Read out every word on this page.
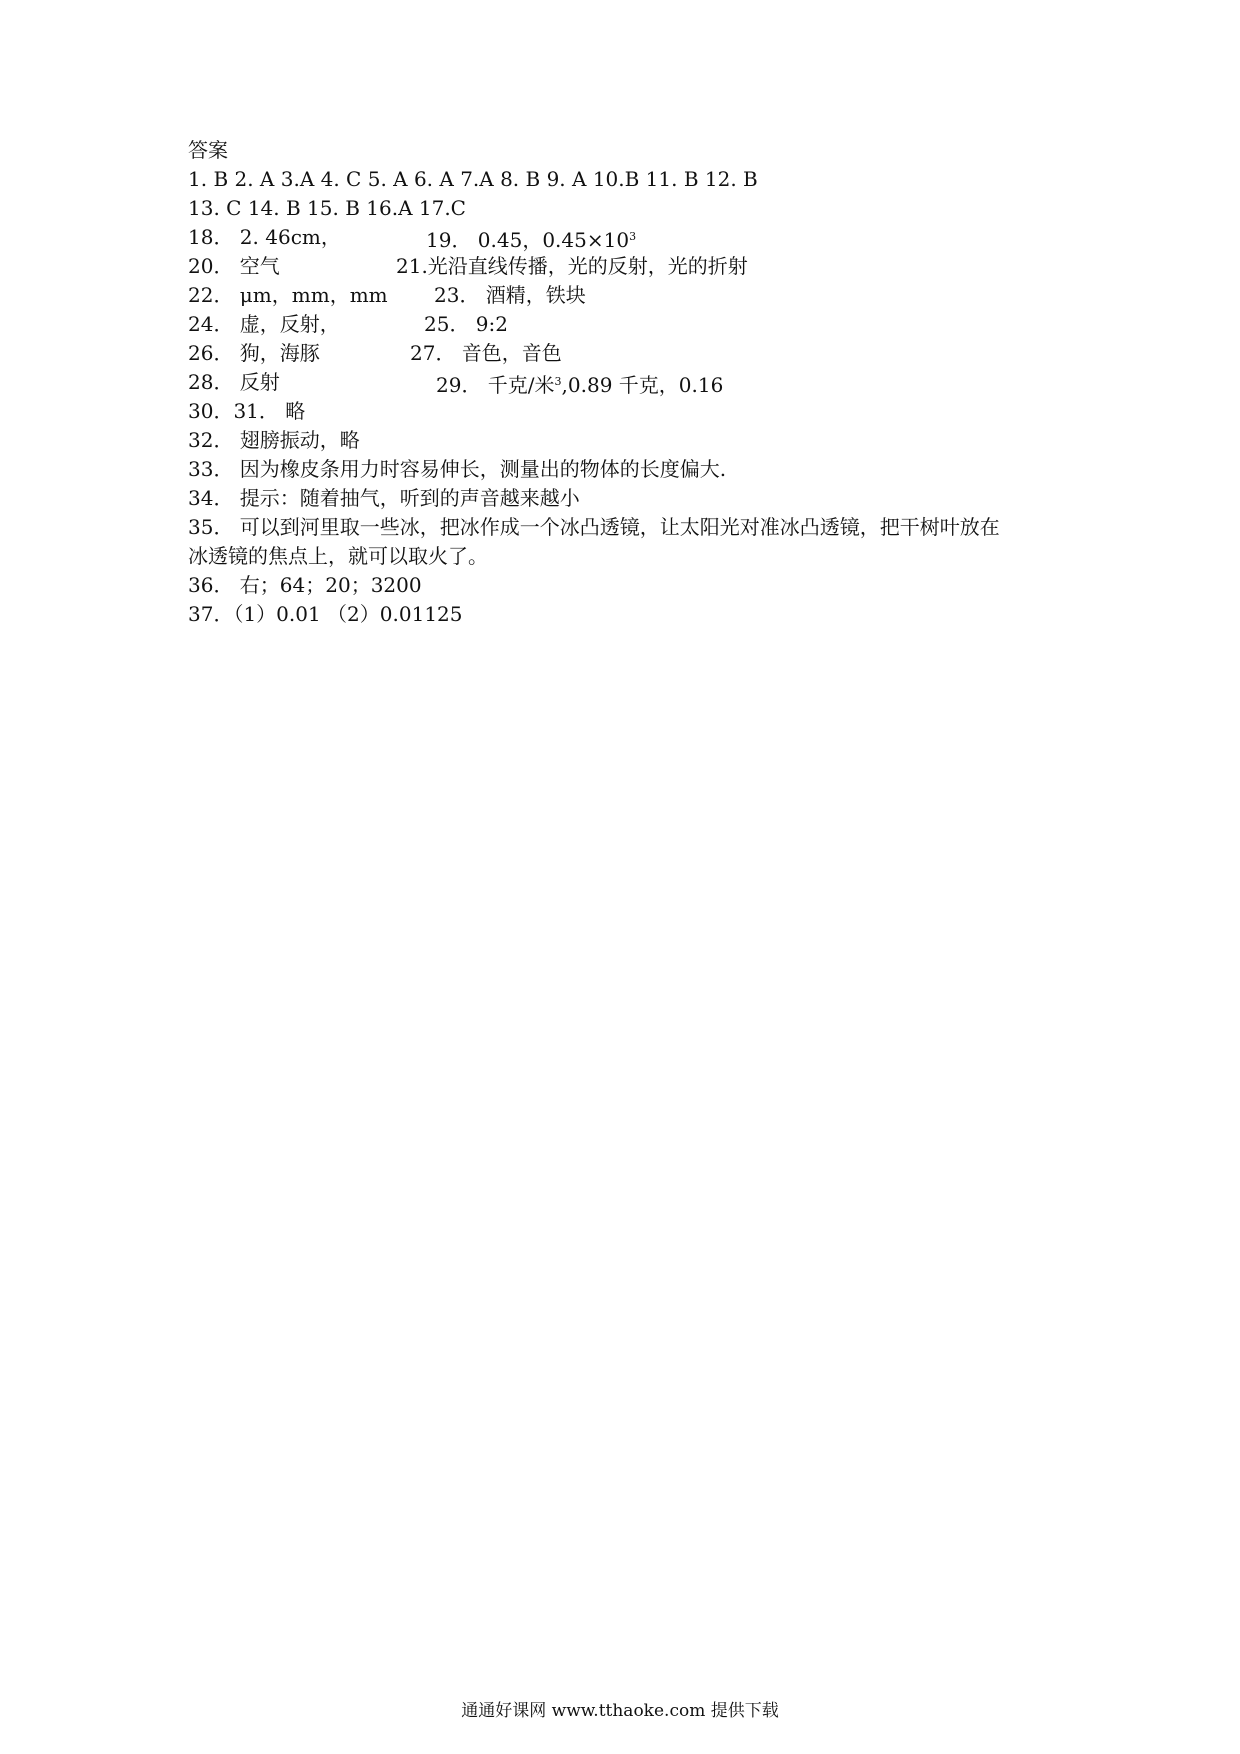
答案
1. B 2. A 3.A 4. C 5. A 6. A 7.A 8. B 9. A 10.B 11. B 12. B
13. C 14. B 15. B 16.A 17.C
18． 2. 46cm，	19． 0.45，$0.45\times 10^3$
20． 空气	21.光沿直线传播，光的反射，光的折射
22． μm，mm，mm 23． 酒精，铁块
24． 虚，反射，	25． 9:2
26． 狗，海豚	27． 音色，音色
28． 反射	29． 千克/米$^3$,0.89 千克，0.16
30．31． 略
32． 翅膀振动，略
33． 因为橡皮条用力时容易伸长，测量出的物体的长度偏大.
34． 提示：随着抽气，听到的声音越来越小
35． 可以到河里取一些冰，把冰作成一个冰凸透镜，让太阳光对准冰凸透镜，把干树叶放在
冰透镜的焦点上，就可以取火了。
36． 右；64；20；3200
37．（1）0.01 （2）0.01125
通通好课网 www.tthaoke.com 提供下载
